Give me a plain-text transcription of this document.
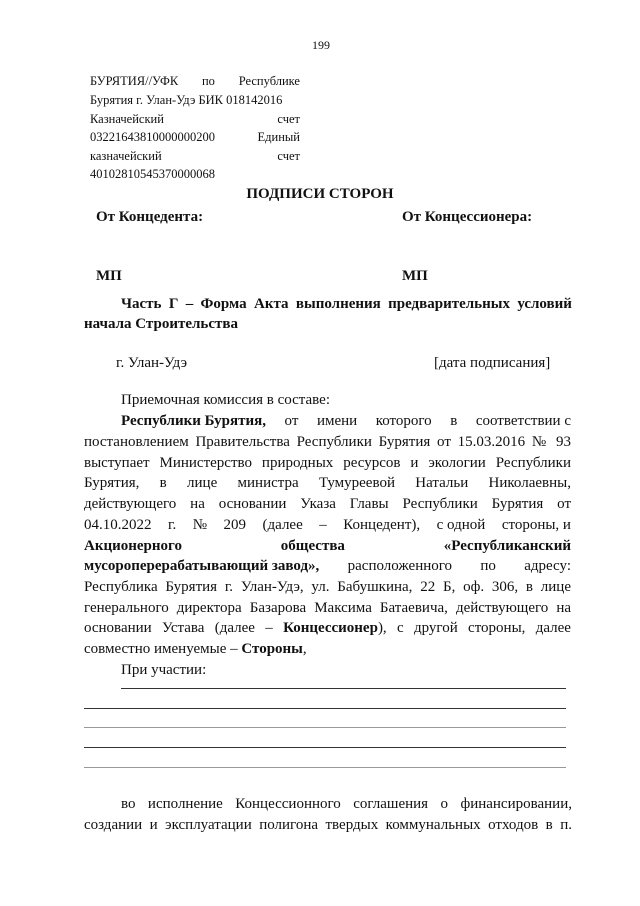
199
БУРЯТИЯ//УФК по Республике
Бурятия г. Улан-Удэ БИК 018142016
Казначейский	счет
03221643810000000200	Единый
казначейский	счет
40102810545370000068
ПОДПИСИ СТОРОН
От Концедента:	От Концессионера:
МП	МП
Часть Г – Форма Акта выполнения предварительных условий
начала Строительства
г. Улан-Удэ	[дата подписания]
Приемочная комиссия в составе:
Республики Бурятия, от имени которого в соответствии с
постановлением Правительства Республики Бурятия от 15.03.2016 № 93
выступает Министерство природных ресурсов и экологии Республики
Бурятия, в лице министра Тумуреевой Натальи Николаевны,
действующего на основании Указа Главы Республики Бурятия от
04.10.2022 г. № 209 (далее – Концедент), с одной стороны, и
Акционерного	общества	«Республиканский
мусороперерабатывающий завод», расположенного по адресу:
Республика Бурятия г. Улан-Удэ, ул. Бабушкина, 22 Б, оф. 306, в лице
генерального директора Базарова Максима Батаевича, действующего на
основании Устава (далее – Концессионер), с другой стороны, далее
совместно именуемые – Стороны,
При участии:
во исполнение Концессионного соглашения о финансировании,
создании и эксплуатации полигона твердых коммунальных отходов в п.
